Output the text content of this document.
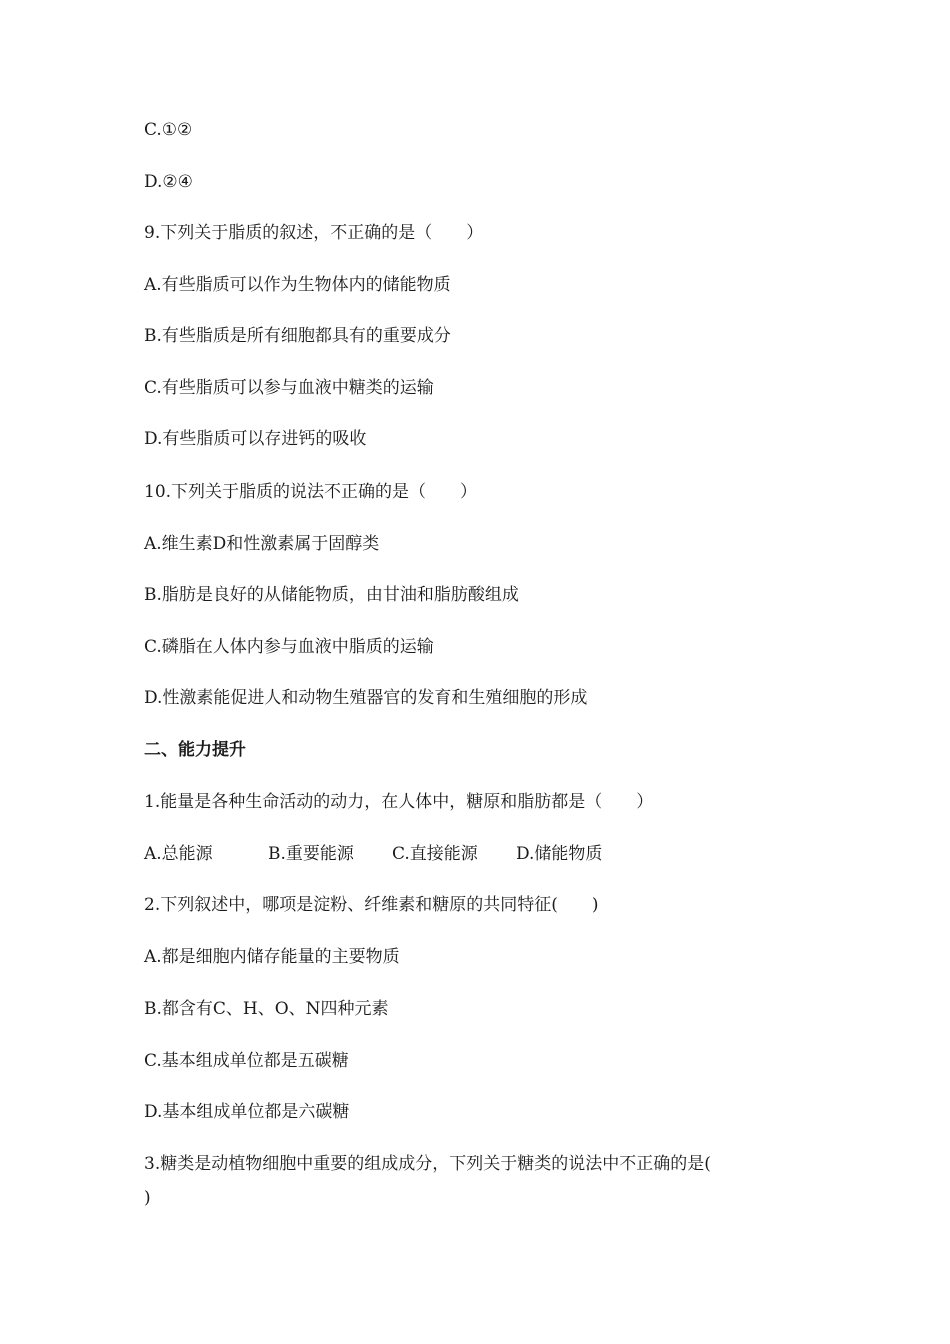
C.①②
D.②④
9.下列关于脂质的叙述，不正确的是（　　）
A.有些脂质可以作为生物体内的储能物质
B.有些脂质是所有细胞都具有的重要成分
C.有些脂质可以参与血液中糖类的运输
D.有些脂质可以存进钙的吸收
10.下列关于脂质的说法不正确的是（　　）
A.维生素D和性激素属于固醇类
B.脂肪是良好的从储能物质，由甘油和脂肪酸组成
C.磷脂在人体内参与血液中脂质的运输
D.性激素能促进人和动物生殖器官的发育和生殖细胞的形成
二、能力提升
1.能量是各种生命活动的动力，在人体中，糖原和脂肪都是（　　）

A.总能源

	B.重要能源

C.直接能源

D.储能物质

2.下列叙述中，哪项是淀粉、纤维素和糖原的共同特征(　　)
A.都是细胞内储存能量的主要物质
B.都含有C、H、O、N四种元素
C.基本组成单位都是五碳糖
D.基本组成单位都是六碳糖
3.糖类是动植物细胞中重要的组成成分，下列关于糖类的说法中不正确的是(
)
